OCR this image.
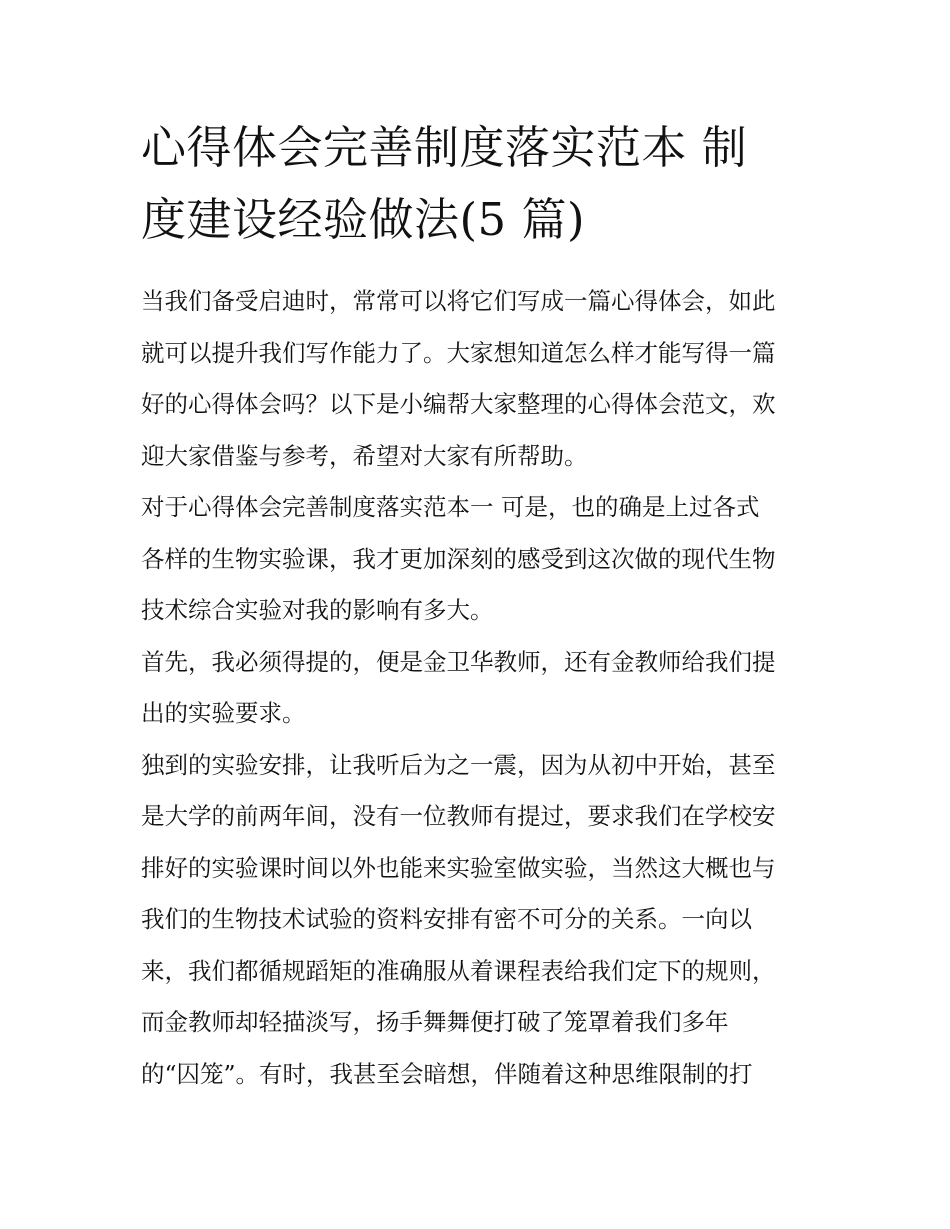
心得体会完善制度落实范本 制
度建设经验做法(5 篇)
当我们备受启迪时，常常可以将它们写成一篇心得体会，如此
就可以提升我们写作能力了。大家想知道怎么样才能写得一篇
好的心得体会吗？以下是小编帮大家整理的心得体会范文，欢
迎大家借鉴与参考，希望对大家有所帮助。
对于心得体会完善制度落实范本一 可是，也的确是上过各式
各样的生物实验课，我才更加深刻的感受到这次做的现代生物
技术综合实验对我的影响有多大。
首先，我必须得提的，便是金卫华教师，还有金教师给我们提
出的实验要求。
独到的实验安排，让我听后为之一震，因为从初中开始，甚至
是大学的前两年间，没有一位教师有提过，要求我们在学校安
排好的实验课时间以外也能来实验室做实验，当然这大概也与
我们的生物技术试验的资料安排有密不可分的关系。一向以
来，我们都循规蹈矩的准确服从着课程表给我们定下的规则，
而金教师却轻描淡写，扬手舞舞便打破了笼罩着我们多年
的“囚笼”。有时，我甚至会暗想，伴随着这种思维限制的打
